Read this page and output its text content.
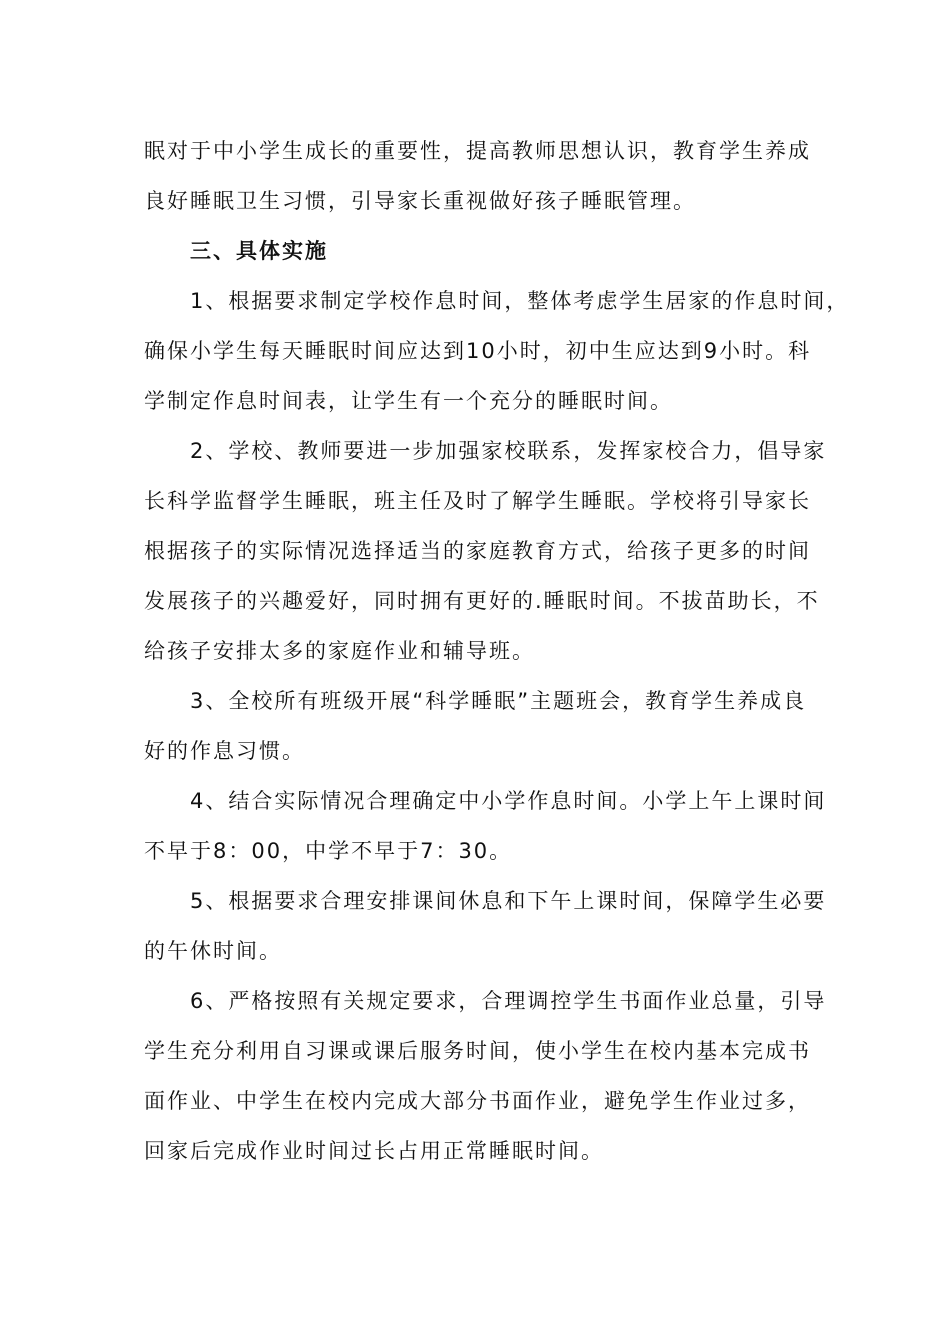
眠对于中小学生成长的重要性，提高教师思想认识，教育学生养成
良好睡眠卫生习惯，引导家长重视做好孩子睡眠管理。
三、具体实施
1、根据要求制定学校作息时间，整体考虑学生居家的作息时间，
确保小学生每天睡眠时间应达到10小时，初中生应达到9小时。科
学制定作息时间表，让学生有一个充分的睡眠时间。
2、学校、教师要进一步加强家校联系，发挥家校合力，倡导家
长科学监督学生睡眠，班主任及时了解学生睡眠。学校将引导家长
根据孩子的实际情况选择适当的家庭教育方式，给孩子更多的时间
发展孩子的兴趣爱好，同时拥有更好的.睡眠时间。不拔苗助长，不
给孩子安排太多的家庭作业和辅导班。
3、全校所有班级开展“科学睡眠”主题班会，教育学生养成良
好的作息习惯。
4、结合实际情况合理确定中小学作息时间。小学上午上课时间
不早于8：00，中学不早于7：30。
5、根据要求合理安排课间休息和下午上课时间，保障学生必要
的午休时间。
6、严格按照有关规定要求，合理调控学生书面作业总量，引导
学生充分利用自习课或课后服务时间，使小学生在校内基本完成书
面作业、中学生在校内完成大部分书面作业，避免学生作业过多，
回家后完成作业时间过长占用正常睡眠时间。
